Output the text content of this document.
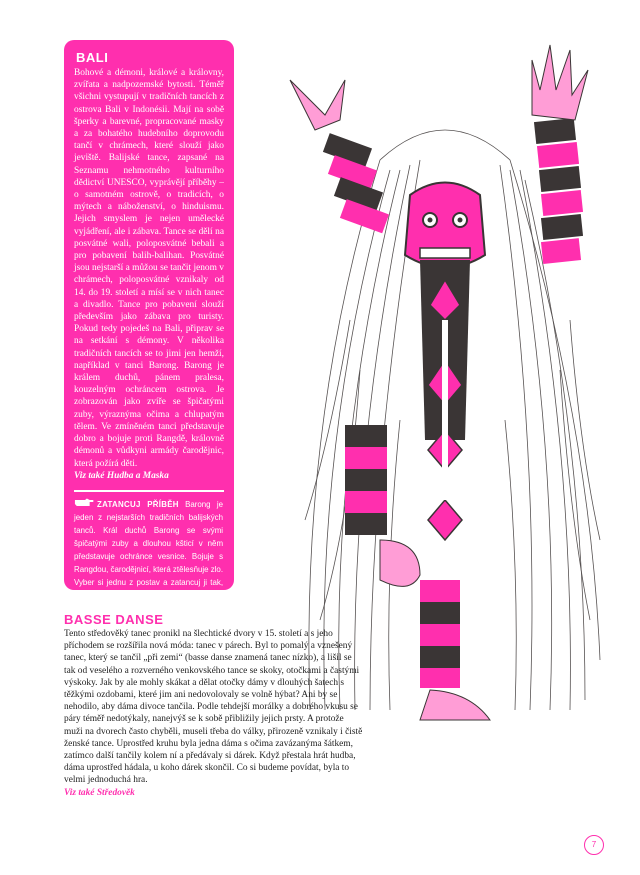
BALI

Bohové a démoni, králové a královny, zvířata a nadpozemské bytosti. Téměř všichni vystupují v tradičních tancích z ostrova Bali v Indonésii. Mají na sobě šperky a barevné, propracované masky a za bohatého hudebního doprovodu tančí v chrámech, které slouží jako jeviště. Balijské tance, zapsané na Seznamu nehmotného kulturního dědictví UNESCO, vyprávějí příběhy – o samotném ostrově, o tradicích, o mýtech a náboženství, o hinduismu. Jejich smyslem je nejen umělecké vyjádření, ale i zábava. Tance se dělí na posvátné wali, poloposvátné bebali a pro pobavení balih-balihan. Posvátné jsou nejstarší a můžou se tančit jenom v chrámech, poloposvátné vznikaly od 14. do 19. století a mísí se v nich tanec a divadlo. Tance pro pobavení slouží především jako zábava pro turisty. Pokud tedy pojedeš na Bali, připrav se na setkání s démony. V několika tradičních tancích se to jimi jen hemží, například v tanci Barong. Barong je králem duchů, pánem pralesa, kouzelným ochráncem ostrova. Je zobrazován jako zvíře se špičatými zuby, výraznýma očima a chlupatým tělem. Ve zmíněném tanci představuje dobro a bojuje proti Rangdě, královně démonů a vůdkyni armády čarodějnic, která požírá děti.

Viz také Hudba a Maska

ZATANCUJ PŘÍBĚH Barong je jeden z nejstarších tradičních balijských tanců. Král duchů Barong se svými špičatými zuby a dlouhou kšticí v něm představuje ochránce vesnice. Bojuje s Rangdou, čarodějnicí, která ztělesňuje zlo. Vyber si jednu z postav a zatancuj ji tak, aby bylo poznat, jestli bojuješ na straně dobra, nebo zla.

BASSE DANSE

Tento středověký tanec pronikl na šlechtické dvory v 15. století a s jeho příchodem se rozšířila nová móda: tanec v párech. Byl to pomalý a vznešený tanec, který se tančil „při zemi“ (basse danse znamená tanec nízko), a lišil se tak od veselého a rozverného venkovského tance se skoky, otočkami a častými výskoky. Jak by ale mohly skákat a dělat otočky dámy v dlouhých šatech s těžkými ozdobami, které jim ani nedovolovaly se volně hýbat? Ani by se nehodilo, aby dáma divoce tančila. Podle tehdejší morálky a dobrého vkusu se páry téměř nedotýkaly, nanejvýš se k sobě přibližily jejich prsty. A protože muži na dvorech často chyběli, museli třeba do války, přirozeně vznikaly i čistě ženské tance. Uprostřed kruhu byla jedna dáma s očima zavázanýma šátkem, zatímco další tančily kolem ní a předávaly si dárek. Když přestala hrát hudba, dáma uprostřed hádala, u koho dárek skončil. Co si budeme povídat, byla to velmi jednoduchá hra.

Viz také Středověk

7
